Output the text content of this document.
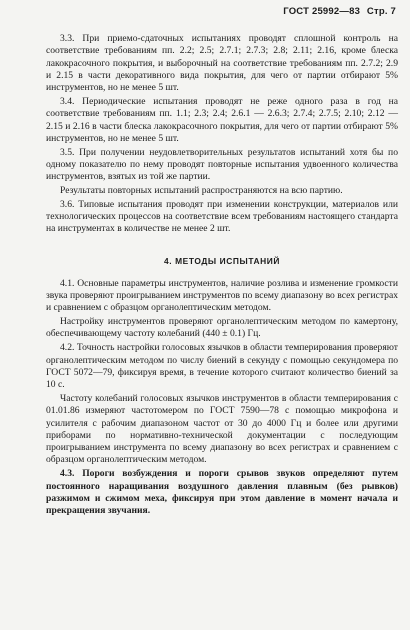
ГОСТ 25992—83 Стр. 7

3.3. При приемо-сдаточных испытаниях проводят сплошной контроль на соответствие требованиям пп. 2.2; 2.5; 2.7.1; 2.7.3; 2.8; 2.11; 2.16, кроме блеска лакокрасочного покрытия, и выборочный на соответствие требованиям пп. 2.7.2; 2.9 и 2.15 в части декоративного вида покрытия, для чего от партии отбирают 5% инструментов, но не менее 5 шт.

3.4. Периодические испытания проводят не реже одного раза в год на соответствие требованиям пп. 1.1; 2.3; 2.4; 2.6.1 — 2.6.3; 2.7.4; 2.7.5; 2.10; 2.12 — 2.15 и 2.16 в части блеска лакокрасочного покрытия, для чего от партии отбирают 5% инструментов, но не менее 5 шт.

3.5. При получении неудовлетворительных результатов испытаний хотя бы по одному показателю по нему проводят повторные испытания удвоенного количества инструментов, взятых из той же партии.

Результаты повторных испытаний распространяются на всю партию.

3.6. Типовые испытания проводят при изменении конструкции, материалов или технологических процессов на соответствие всем требованиям настоящего стандарта на инструментах в количестве не менее 2 шт.

4. МЕТОДЫ ИСПЫТАНИЙ

4.1. Основные параметры инструментов, наличие розлива и изменение громкости звука проверяют проигрыванием инструментов по всему диапазону во всех регистрах и сравнением с образцом органолептическим методом.

Настройку инструментов проверяют органолептическим методом по камертону, обеспечивающему частоту колебаний (440 ± 0.1) Гц.

4.2. Точность настройки голосовых язычков в области темперирования проверяют органолептическим методом по числу биений в секунду с помощью секундомера по ГОСТ 5072—79, фиксируя время, в течение которого считают количество биений за 10 с.

Частоту колебаний голосовых язычков инструментов в области темперирования с 01.01.86 измеряют частотомером по ГОСТ 7590—78 с помощью микрофона и усилителя с рабочим диапазоном частот от 30 до 4000 Гц и более или другими приборами по нормативно-технической документации с последующим проигрыванием инструмента по всему диапазону во всех регистрах и сравнением с образцом органолептическим методом.

4.3. Пороги возбуждения и пороги срывов звуков определяют путем постоянного наращивания воздушного давления плавным (без рывков) разжимом и сжимом меха, фиксируя при этом давление в момент начала и прекращения звучания.
